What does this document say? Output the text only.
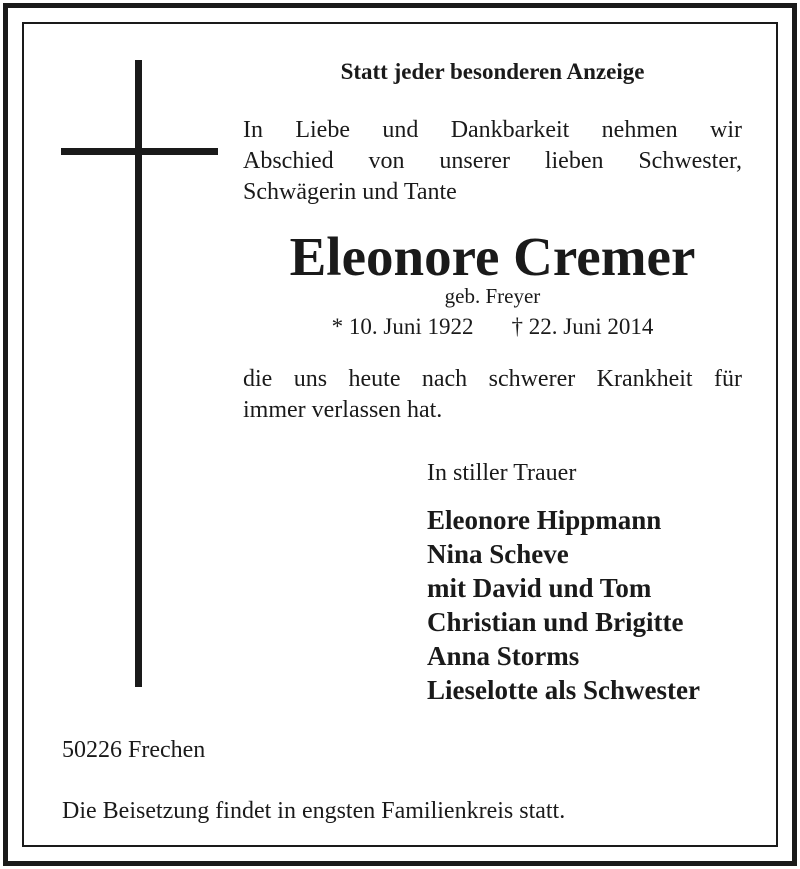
Statt jeder besonderen Anzeige
In Liebe und Dankbarkeit nehmen wir
Abschied von unserer lieben Schwester,
Schwägerin und Tante
Eleonore Cremer
geb. Freyer
* 10. Juni 1922 † 22. Juni 2014
die uns heute nach schwerer Krankheit für
immer verlassen hat.
In stiller Trauer
Eleonore Hippmann
Nina Scheve
mit David und Tom
Christian und Brigitte
Anna Storms
Lieselotte als Schwester
50226 Frechen
Die Beisetzung findet in engsten Familienkreis statt.
